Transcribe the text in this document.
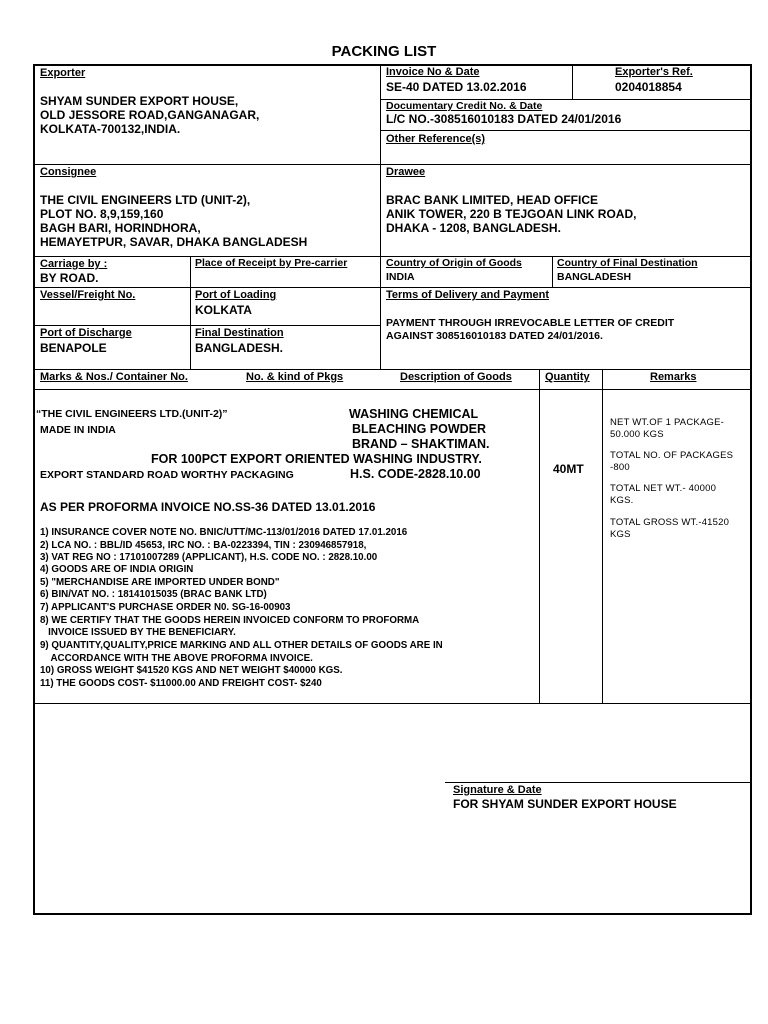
PACKING LIST
Exporter
SHYAM SUNDER EXPORT HOUSE,
OLD JESSORE ROAD,GANGANAGAR,
KOLKATA-700132,INDIA.
Invoice No & Date
SE-40 DATED 13.02.2016
Exporter's Ref.
0204018854
Documentary Credit No. & Date
L/C NO.-308516010183 DATED 24/01/2016
Other Reference(s)
Consignee
THE CIVIL ENGINEERS LTD (UNIT-2),
PLOT NO. 8,9,159,160
BAGH BARI, HORINDHORA,
HEMAYETPUR, SAVAR, DHAKA BANGLADESH
Drawee
BRAC BANK LIMITED, HEAD OFFICE
ANIK TOWER, 220 B TEJGOAN LINK ROAD,
DHAKA - 1208, BANGLADESH.
Carriage by :
BY ROAD.
Place of Receipt by Pre-carrier	Country of Origin of Goods
INDIA
Country of Final Destination
BANGLADESH
Vessel/Freight No.	Port of Loading
KOLKATA
Terms of Delivery and Payment
PAYMENT THROUGH IRREVOCABLE LETTER OF CREDIT
AGAINST 308516010183 DATED 24/01/2016.
Port of Discharge
BENAPOLE
Final Destination
BANGLADESH.
Marks & Nos./ Container No.	No. & kind of Pkgs	Description of Goods	Quantity	Remarks
“THE CIVIL ENGINEERS LTD.(UNIT-2)”
MADE IN INDIA
WASHING CHEMICAL
BLEACHING POWDER
BRAND – SHAKTIMAN.
FOR 100PCT EXPORT ORIENTED WASHING INDUSTRY.
EXPORT STANDARD ROAD WORTHY PACKAGING	H.S. CODE-2828.10.00
AS PER PROFORMA INVOICE NO.SS-36 DATED 13.01.2016
1) INSURANCE COVER NOTE NO. BNIC/UTT/MC-113/01/2016 DATED 17.01.2016
2) LCA NO. : BBL/ID 45653, IRC NO. : BA-0223394, TIN : 230946857918,
3) VAT REG NO : 17101007289 (APPLICANT), H.S. CODE NO. : 2828.10.00
4) GOODS ARE OF INDIA ORIGIN
5) "MERCHANDISE ARE IMPORTED UNDER BOND"
6) BIN/VAT NO. : 18141015035 (BRAC BANK LTD)
7) APPLICANT'S PURCHASE ORDER N0. SG-16-00903
8) WE CERTIFY THAT THE GOODS HEREIN INVOICED CONFORM TO PROFORMA
INVOICE ISSUED BY THE BENEFICIARY.
9) QUANTITY,QUALITY,PRICE MARKING AND ALL OTHER DETAILS OF GOODS ARE IN
ACCORDANCE WITH THE ABOVE PROFORMA INVOICE.
10) GROSS WEIGHT $41520 KGS AND NET WEIGHT $40000 KGS.
11) THE GOODS COST- $11000.00 AND FREIGHT COST- $240
40MT
NET WT.OF 1 PACKAGE-
50.000 KGS
TOTAL NO. OF PACKAGES
-800
TOTAL NET WT.- 40000
KGS.
TOTAL GROSS WT.-41520
KGS
Signature & Date
FOR SHYAM SUNDER EXPORT HOUSE
